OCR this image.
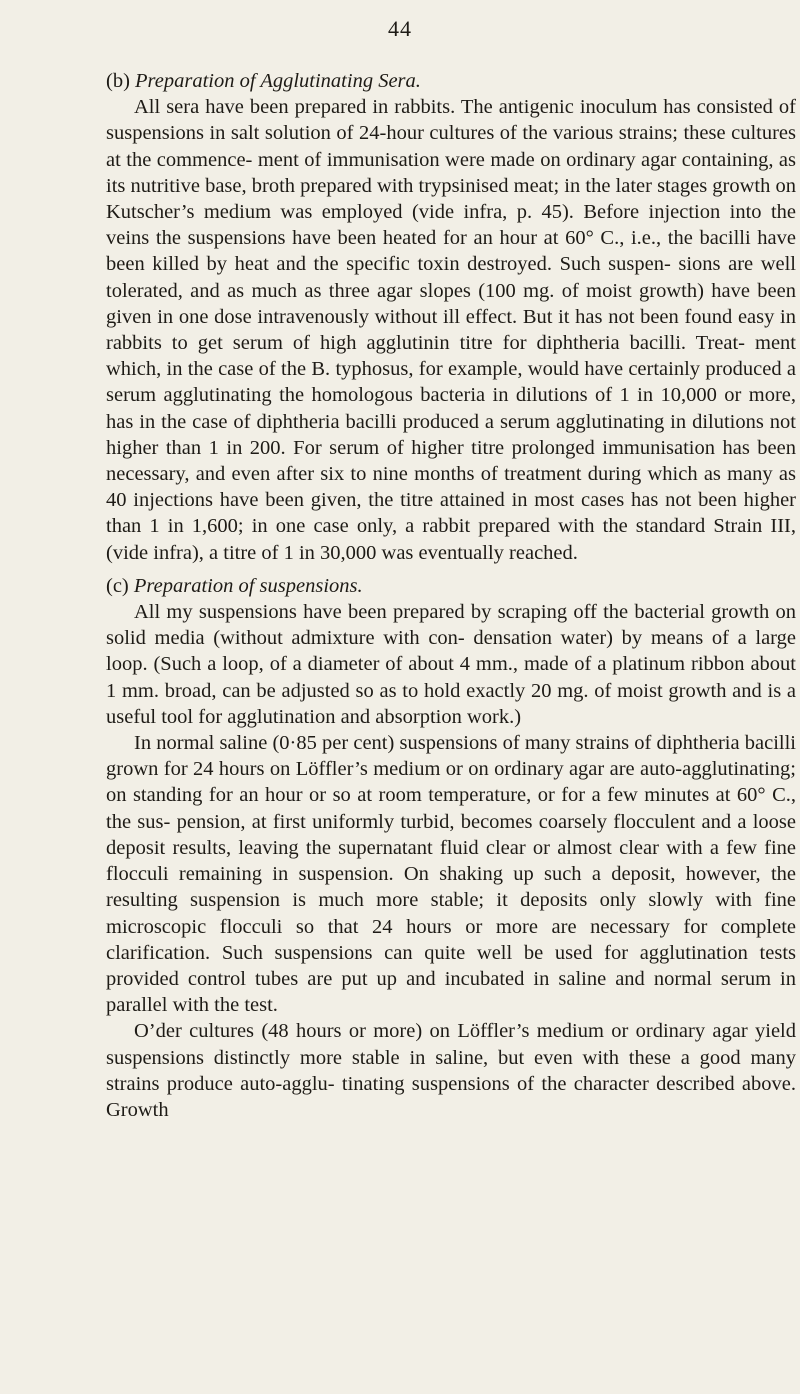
44

(b) Preparation of Agglutinating Sera.

All sera have been prepared in rabbits. The antigenic inoculum has consisted of suspensions in salt solution of 24-hour cultures of the various strains; these cultures at the commence- ment of immunisation were made on ordinary agar containing, as its nutritive base, broth prepared with trypsinised meat; in the later stages growth on Kutscher’s medium was employed (vide infra, p. 45). Before injection into the veins the suspensions have been heated for an hour at 60° C., i.e., the bacilli have been killed by heat and the specific toxin destroyed. Such suspen- sions are well tolerated, and as much as three agar slopes (100 mg. of moist growth) have been given in one dose intravenously without ill effect. But it has not been found easy in rabbits to get serum of high agglutinin titre for diphtheria bacilli. Treat- ment which, in the case of the B. typhosus, for example, would have certainly produced a serum agglutinating the homologous bacteria in dilutions of 1 in 10,000 or more, has in the case of diphtheria bacilli produced a serum agglutinating in dilutions not higher than 1 in 200. For serum of higher titre prolonged immunisation has been necessary, and even after six to nine months of treatment during which as many as 40 injections have been given, the titre attained in most cases has not been higher than 1 in 1,600; in one case only, a rabbit prepared with the standard Strain III, (vide infra), a titre of 1 in 30,000 was eventually reached.

(c) Preparation of suspensions.

All my suspensions have been prepared by scraping off the bacterial growth on solid media (without admixture with con- densation water) by means of a large loop. (Such a loop, of a diameter of about 4 mm., made of a platinum ribbon about 1 mm. broad, can be adjusted so as to hold exactly 20 mg. of moist growth and is a useful tool for agglutination and absorption work.)

In normal saline (0·85 per cent) suspensions of many strains of diphtheria bacilli grown for 24 hours on Löffler’s medium or on ordinary agar are auto-agglutinating; on standing for an hour or so at room temperature, or for a few minutes at 60° C., the sus- pension, at first uniformly turbid, becomes coarsely flocculent and a loose deposit results, leaving the supernatant fluid clear or almost clear with a few fine flocculi remaining in suspension. On shaking up such a deposit, however, the resulting suspension is much more stable; it deposits only slowly with fine microscopic flocculi so that 24 hours or more are necessary for complete clarification. Such suspensions can quite well be used for agglutination tests provided control tubes are put up and incubated in saline and normal serum in parallel with the test.

O’der cultures (48 hours or more) on Löffler’s medium or ordinary agar yield suspensions distinctly more stable in saline, but even with these a good many strains produce auto-agglu- tinating suspensions of the character described above. Growth
